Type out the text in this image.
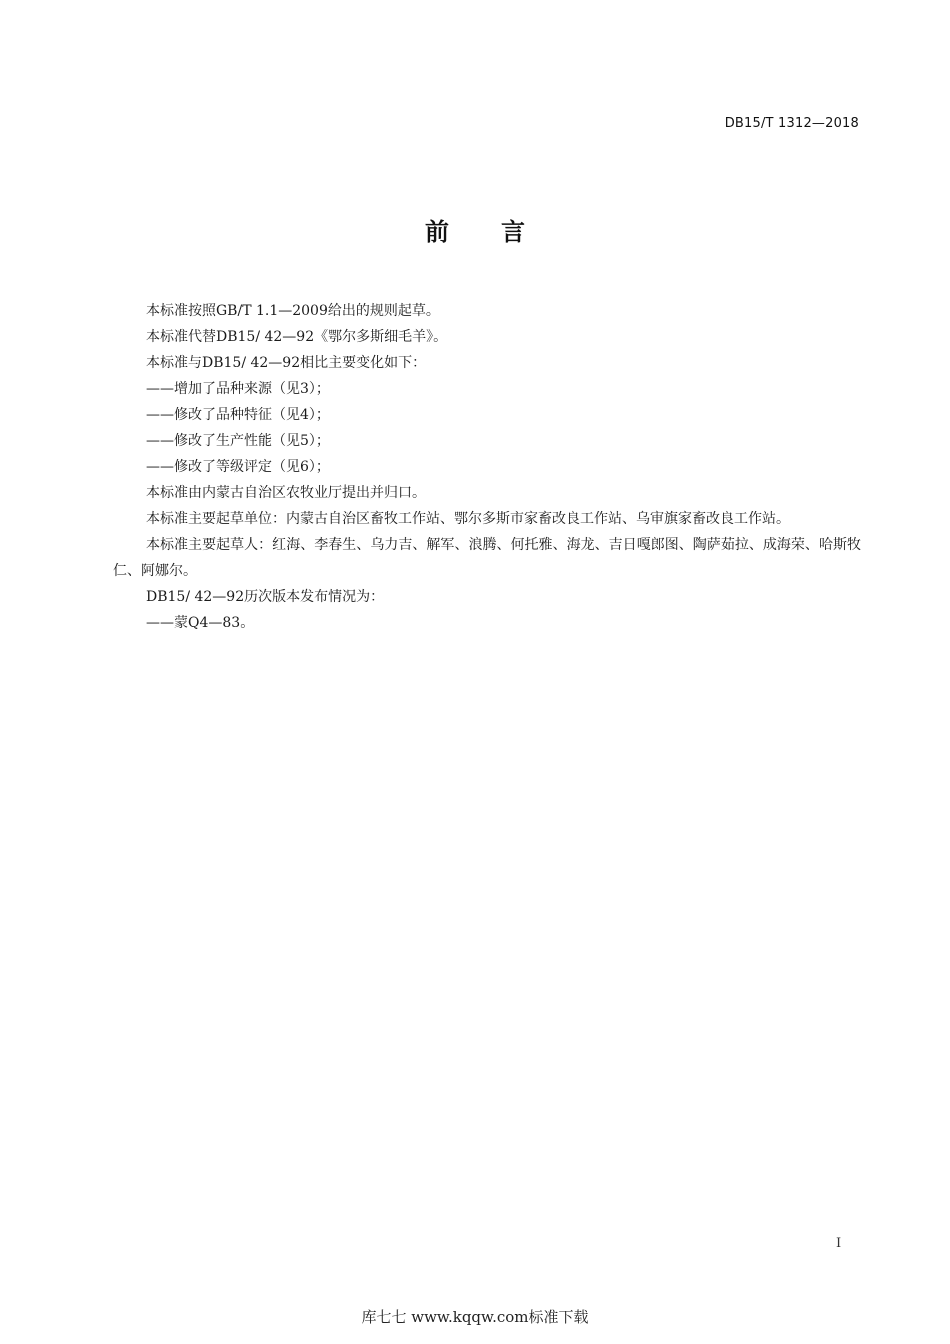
DB15/T 1312—2018
前言

本标准按照GB/T 1.1—2009给出的规则起草。

本标准代替DB15/ 42—92《鄂尔多斯细毛羊》。

本标准与DB15/ 42—92相比主要变化如下：

——增加了品种来源（见3）；

——修改了品种特征（见4）；

——修改了生产性能（见5）；

——修改了等级评定（见6）；

本标准由内蒙古自治区农牧业厅提出并归口。

本标准主要起草单位：内蒙古自治区畜牧工作站、鄂尔多斯市家畜改良工作站、乌审旗家畜改良工作站。

本标准主要起草人：红海、李春生、乌力吉、解军、浪腾、何托雅、海龙、吉日嘎郎图、陶萨茹拉、成海荣、哈斯牧仁、阿娜尔。

DB15/ 42—92历次版本发布情况为：

——蒙Q4—83。

I
库七七 www.kqqw.com标准下载
